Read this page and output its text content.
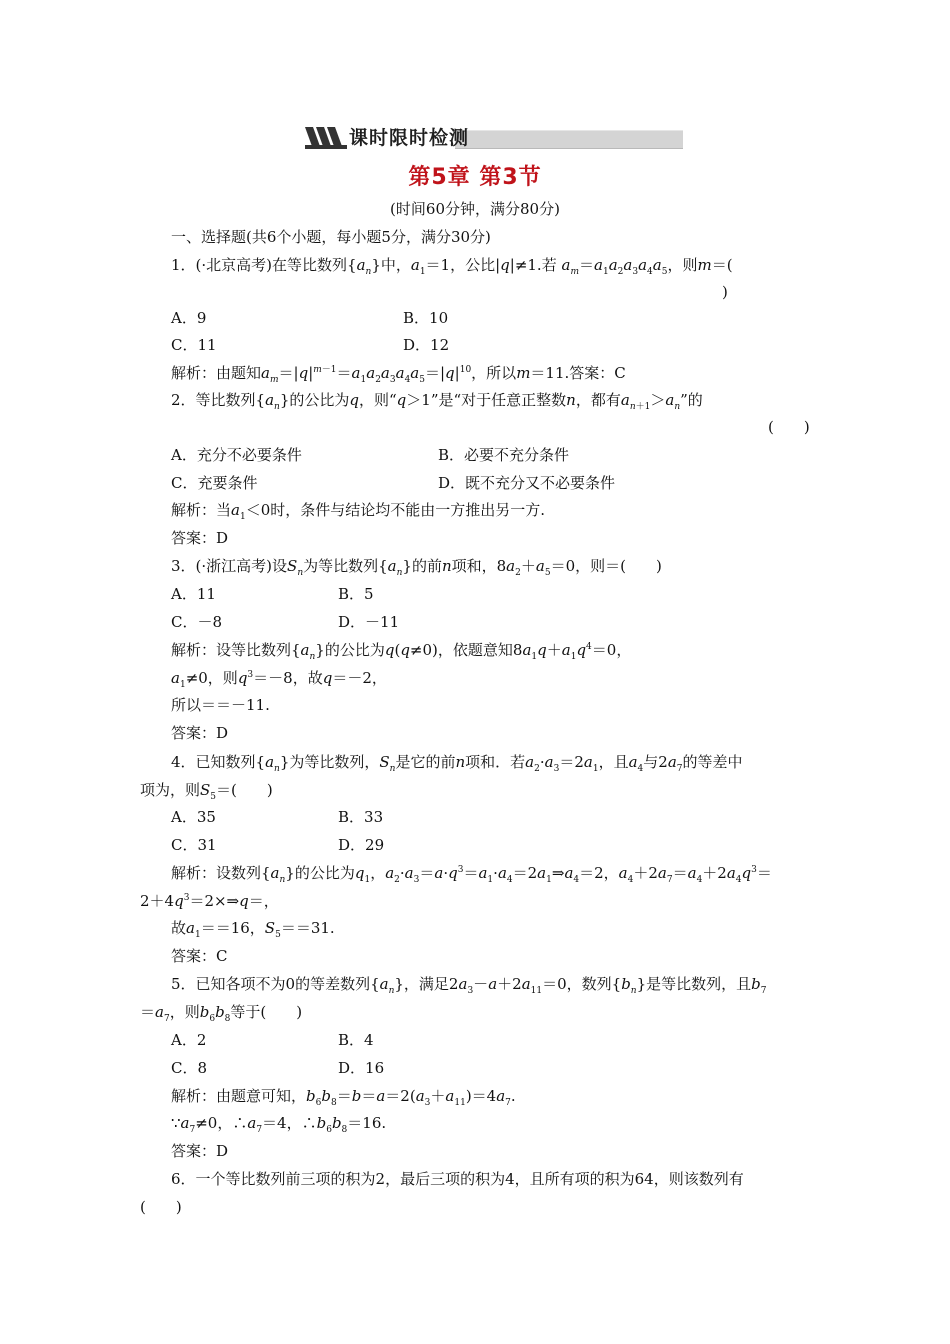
课时限时检测
第5章 第3节
(时间60分钟，满分80分)
一、选择题(共6个小题，每小题5分，满分30分)
1．(·北京高考)在等比数列$\{a_n\}$中，$a_1=1$，公比|q|≠1.若 $a_m=a_1a_2a_3a_4a_5$，则m＝(
)
A．9	B．10
C．11	D．12
解析：由题知$a_m=|q|^{m-1}=a_1a_2a_3a_4a_5=|q|^{10}$，所以m＝11.答案：C
2．等比数列$\{a_n\}$的公比为q，则“q＞1”是“对于任意正整数n，都有$a_{n+1}>a_n$”的
(　　)
A．充分不必要条件	B．必要不充分条件
C．充要条件	D．既不充分又不必要条件
解析：当$a_1<0$时，条件与结论均不能由一方推出另一方.
答案：D
3．(·浙江高考)设$S_n$为等比数列$\{a_n\}$的前n项和，$8a_2+a_5=0$，则＝(　　)
A．11	B．5
C．－8	D．－11
解析：设等比数列$\{a_n\}$的公比为q(q≠0)，依题意知$8a_1q+a_1q^4=0$，
$a_1\ne 0$，则$q^3=-8$，故q＝－2，
所以＝＝－11.
答案：D
4．已知数列$\{a_n\}$为等比数列，$S_n$是它的前n项和．若$a_2\cdot a_3=2a_1$，且$a_4$与$2a_7$的等差中
项为，则$S_5=$(　　)
A．35	B．33
C．31	D．29
解析：设数列$\{a_n\}$的公比为$q_1$，$a_2\cdot a_3=a\cdot q^3=a_1\cdot a_4=2a_1\Rightarrow a_4=2$，$a_4+2a_7=a_4+2a_4q^3=$
$2+4q^3=2\times\Rightarrow q=$，
故$a_1==16$，$S_5==31$.
答案：C
5．已知各项不为0的等差数列$\{a_n\}$，满足$2a_3-a+2a_{11}=0$，数列$\{b_n\}$是等比数列，且$b_7$
$=a_7$，则$b_6b_8$等于(　　)
A．2	B．4
C．8	D．16
解析：由题意可知，$b_6b_8=b=a=2(a_3+a_{11})=4a_7$.
$\because a_7\ne 0$，$\therefore a_7=4$，$\therefore b_6b_8=16$.
答案：D
6．一个等比数列前三项的积为2，最后三项的积为4，且所有项的积为64，则该数列有
(　　)
